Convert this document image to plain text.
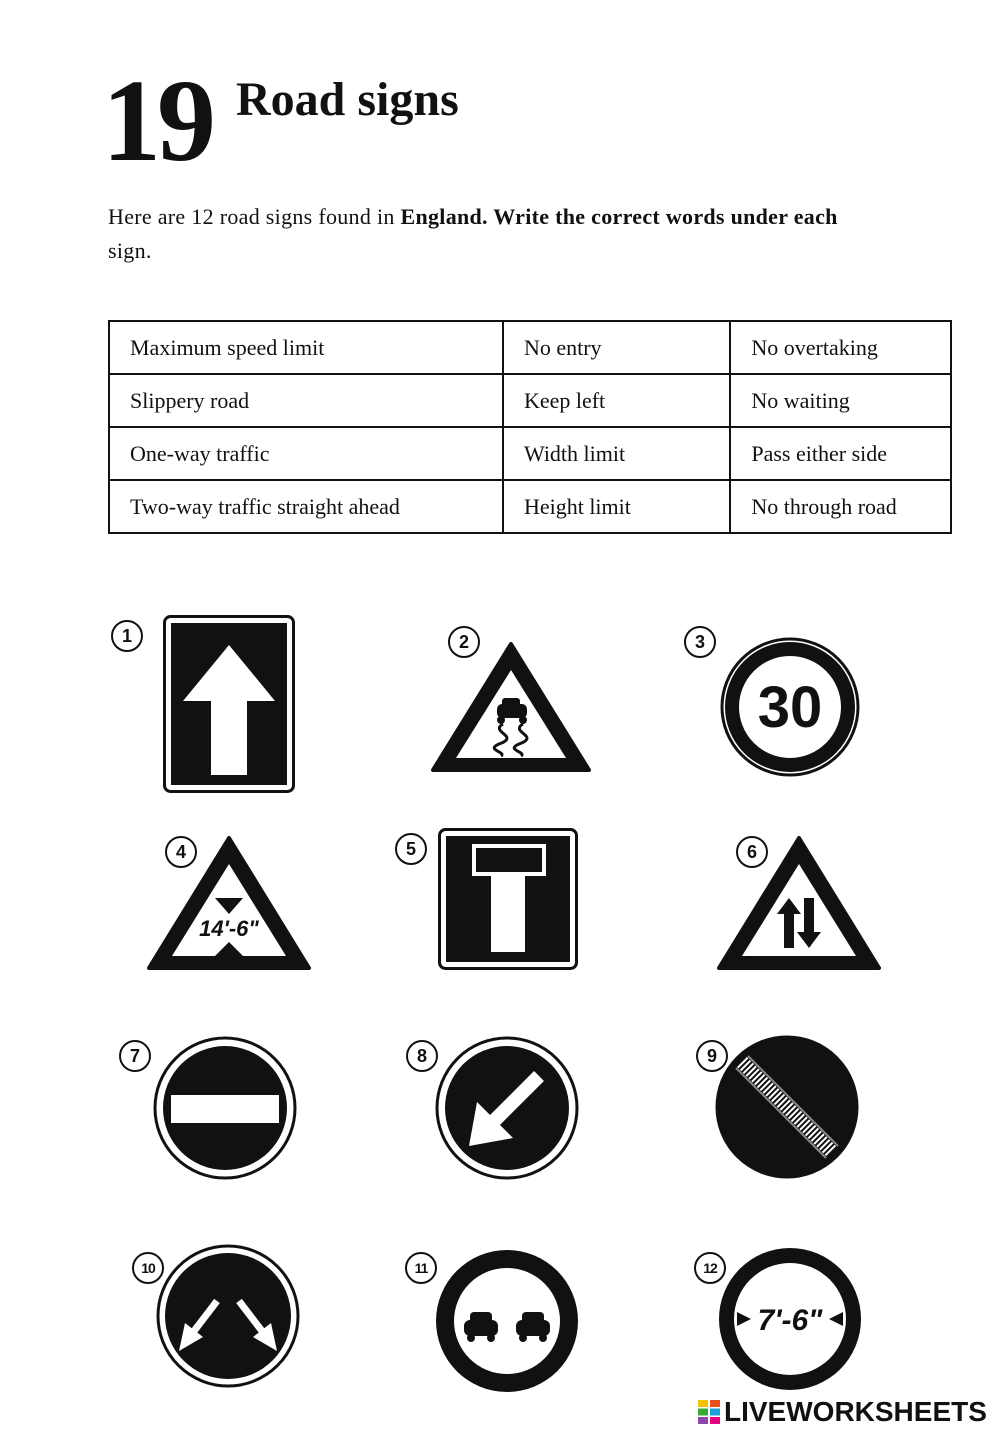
19 Road signs
Here are 12 road signs found in England. Write the correct words under each
sign.
Maximum speed limit	No entry	No overtaking
Slippery road	Keep left	No waiting
One-way traffic	Width limit	Pass either side
Two-way traffic straight ahead	Height limit	No through road
1	2	3
30
4
14'-6"
5	6
7	8	9
10	11	12
7'-6"
LIVEWORKSHEETS
